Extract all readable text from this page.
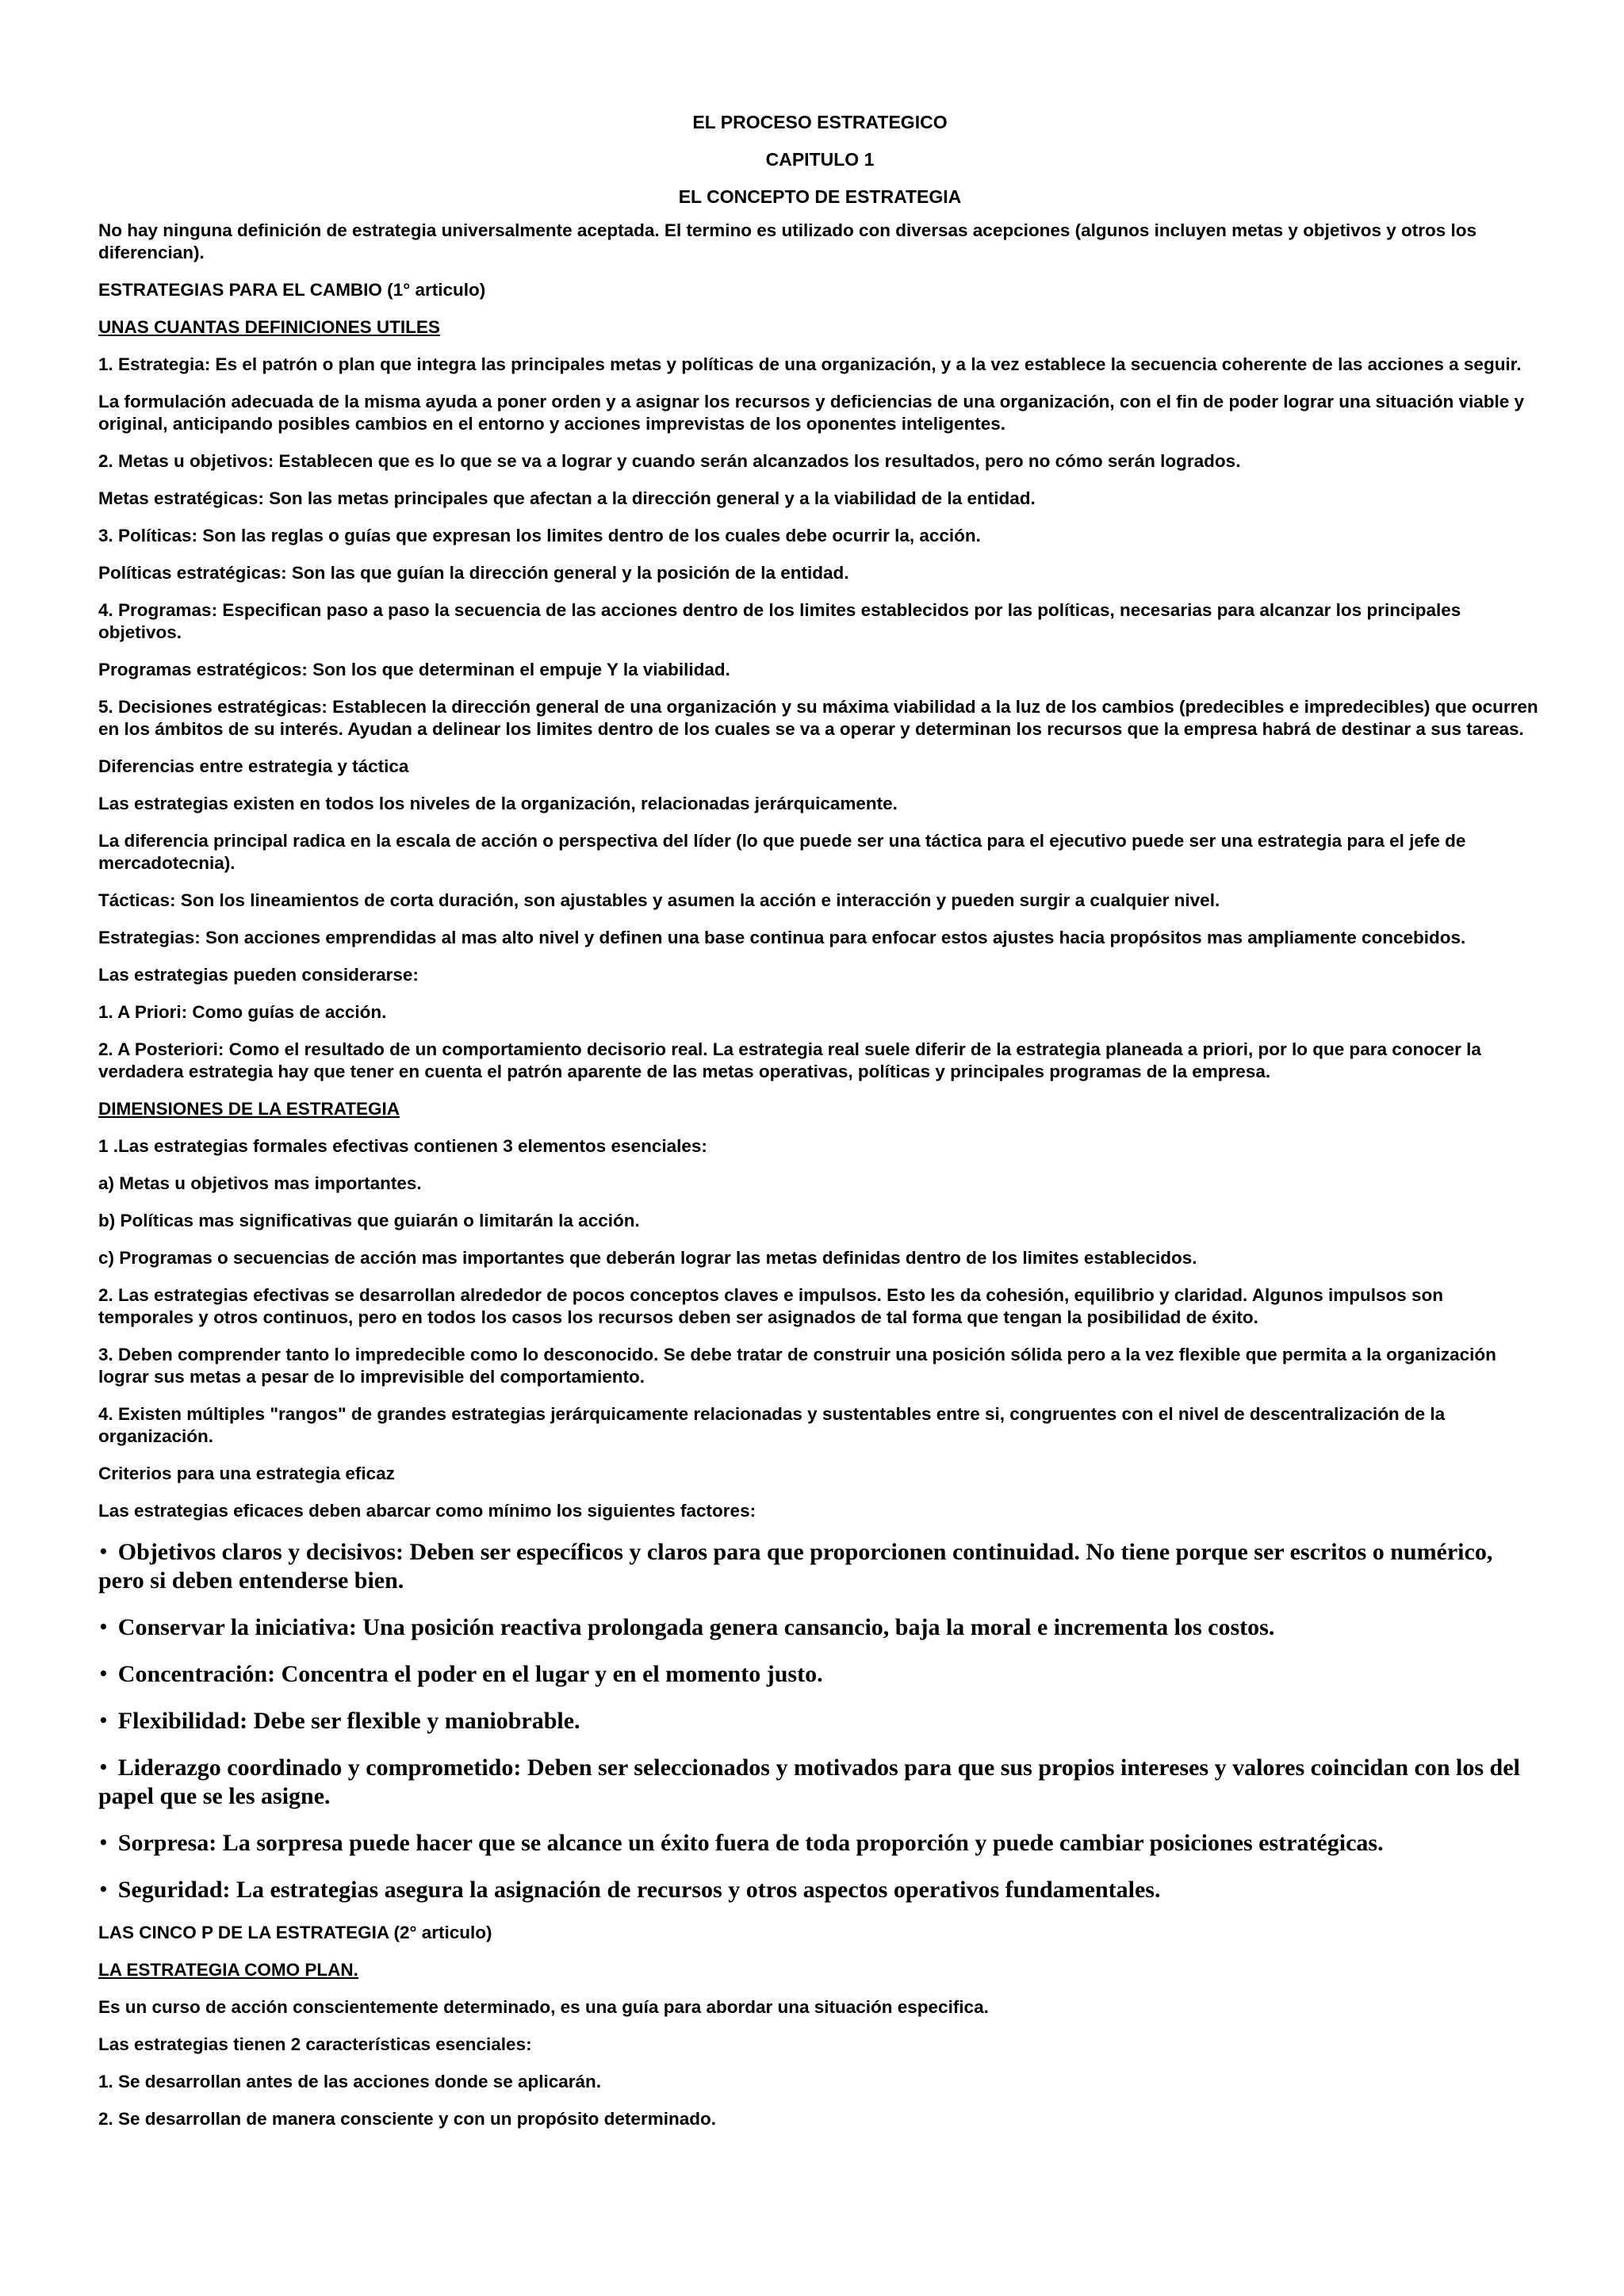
EL PROCESO ESTRATEGICO
CAPITULO 1
EL CONCEPTO DE ESTRATEGIA

No hay ninguna definición de estrategia universalmente aceptada. El termino es utilizado con diversas acepciones (algunos incluyen metas y objetivos y otros los diferencian).

ESTRATEGIAS PARA EL CAMBIO (1° articulo)

UNAS CUANTAS DEFINICIONES UTILES

1. Estrategia: Es el patrón o plan que integra las principales metas y políticas de una organización, y a la vez establece la secuencia coherente de las acciones a seguir.

La formulación adecuada de la misma ayuda a poner orden y a asignar los recursos y deficiencias de una organización, con el fin de poder lograr una situación viable y original, anticipando posibles cambios en el entorno y acciones imprevistas de los oponentes inteligentes.

2. Metas u objetivos: Establecen que es lo que se va a lograr y cuando serán alcanzados los resultados, pero no cómo serán logrados.

Metas estratégicas: Son las metas principales que afectan a la dirección general y a la viabilidad de la entidad.

3. Políticas: Son las reglas o guías que expresan los limites dentro de los cuales debe ocurrir la, acción.

Políticas estratégicas: Son las que guían la dirección general y la posición de la entidad.

4. Programas: Especifican paso a paso la secuencia de las acciones dentro de los limites establecidos por las políticas, necesarias para alcanzar los principales objetivos.

Programas estratégicos: Son los que determinan el empuje Y la viabilidad.

5. Decisiones estratégicas: Establecen la dirección general de una organización y su máxima viabilidad a la luz de los cambios (predecibles e impredecibles) que ocurren en los ámbitos de su interés. Ayudan a delinear los limites dentro de los cuales se va a operar y determinan los recursos que la empresa habrá de destinar a sus tareas.

Diferencias entre estrategia y táctica

Las estrategias existen en todos los niveles de la organización, relacionadas jerárquicamente.

La diferencia principal radica en la escala de acción o perspectiva del líder (lo que puede ser una táctica para el ejecutivo puede ser una estrategia para el jefe de mercadotecnia).

Tácticas: Son los lineamientos de corta duración, son ajustables y asumen la acción e interacción y pueden surgir a cualquier nivel.

Estrategias: Son acciones emprendidas al mas alto nivel y definen una base continua para enfocar estos ajustes hacia propósitos mas ampliamente concebidos.

Las estrategias pueden considerarse:

1. A Priori: Como guías de acción.

2. A Posteriori: Como el resultado de un comportamiento decisorio real. La estrategia real suele diferir de la estrategia planeada a priori, por lo que para conocer la verdadera estrategia hay que tener en cuenta el patrón aparente de las metas operativas, políticas y principales programas de la empresa.

DIMENSIONES DE LA ESTRATEGIA

1 .Las estrategias formales efectivas contienen 3 elementos esenciales:

a) Metas u objetivos mas importantes.

b) Políticas mas significativas que guiarán o limitarán la acción.

c) Programas o secuencias de acción mas importantes que deberán lograr las metas definidas dentro de los limites establecidos.

2. Las estrategias efectivas se desarrollan alrededor de pocos conceptos claves e impulsos. Esto les da cohesión, equilibrio y claridad. Algunos impulsos son temporales y otros continuos, pero en todos los casos los recursos deben ser asignados de tal forma que tengan la posibilidad de éxito.

3. Deben comprender tanto lo impredecible como lo desconocido. Se debe tratar de construir una posición sólida pero a la vez flexible que permita a la organización lograr sus metas a pesar de lo imprevisible del comportamiento.

4. Existen múltiples "rangos" de grandes estrategias jerárquicamente relacionadas y sustentables entre si, congruentes con el nivel de descentralización de la organización.

Criterios para una estrategia eficaz

Las estrategias eficaces deben abarcar como mínimo los siguientes factores:

• Objetivos claros y decisivos: Deben ser específicos y claros para que proporcionen continuidad. No tiene porque ser escritos o numérico, pero si deben entenderse bien.
• Conservar la iniciativa: Una posición reactiva prolongada genera cansancio, baja la moral e incrementa los costos.
• Concentración: Concentra el poder en el lugar y en el momento justo.
• Flexibilidad: Debe ser flexible y maniobrable.
• Liderazgo coordinado y comprometido: Deben ser seleccionados y motivados para que sus propios intereses y valores coincidan con los del papel que se les asigne.
• Sorpresa: La sorpresa puede hacer que se alcance un éxito fuera de toda proporción y puede cambiar posiciones estratégicas.
• Seguridad: La estrategias asegura la asignación de recursos y otros aspectos operativos fundamentales.

LAS CINCO P DE LA ESTRATEGIA (2° articulo)

LA ESTRATEGIA COMO PLAN.

Es un curso de acción conscientemente determinado, es una guía para abordar una situación especifica.

Las estrategias tienen 2 características esenciales:

1. Se desarrollan antes de las acciones donde se aplicarán.

2. Se desarrollan de manera consciente y con un propósito determinado.
